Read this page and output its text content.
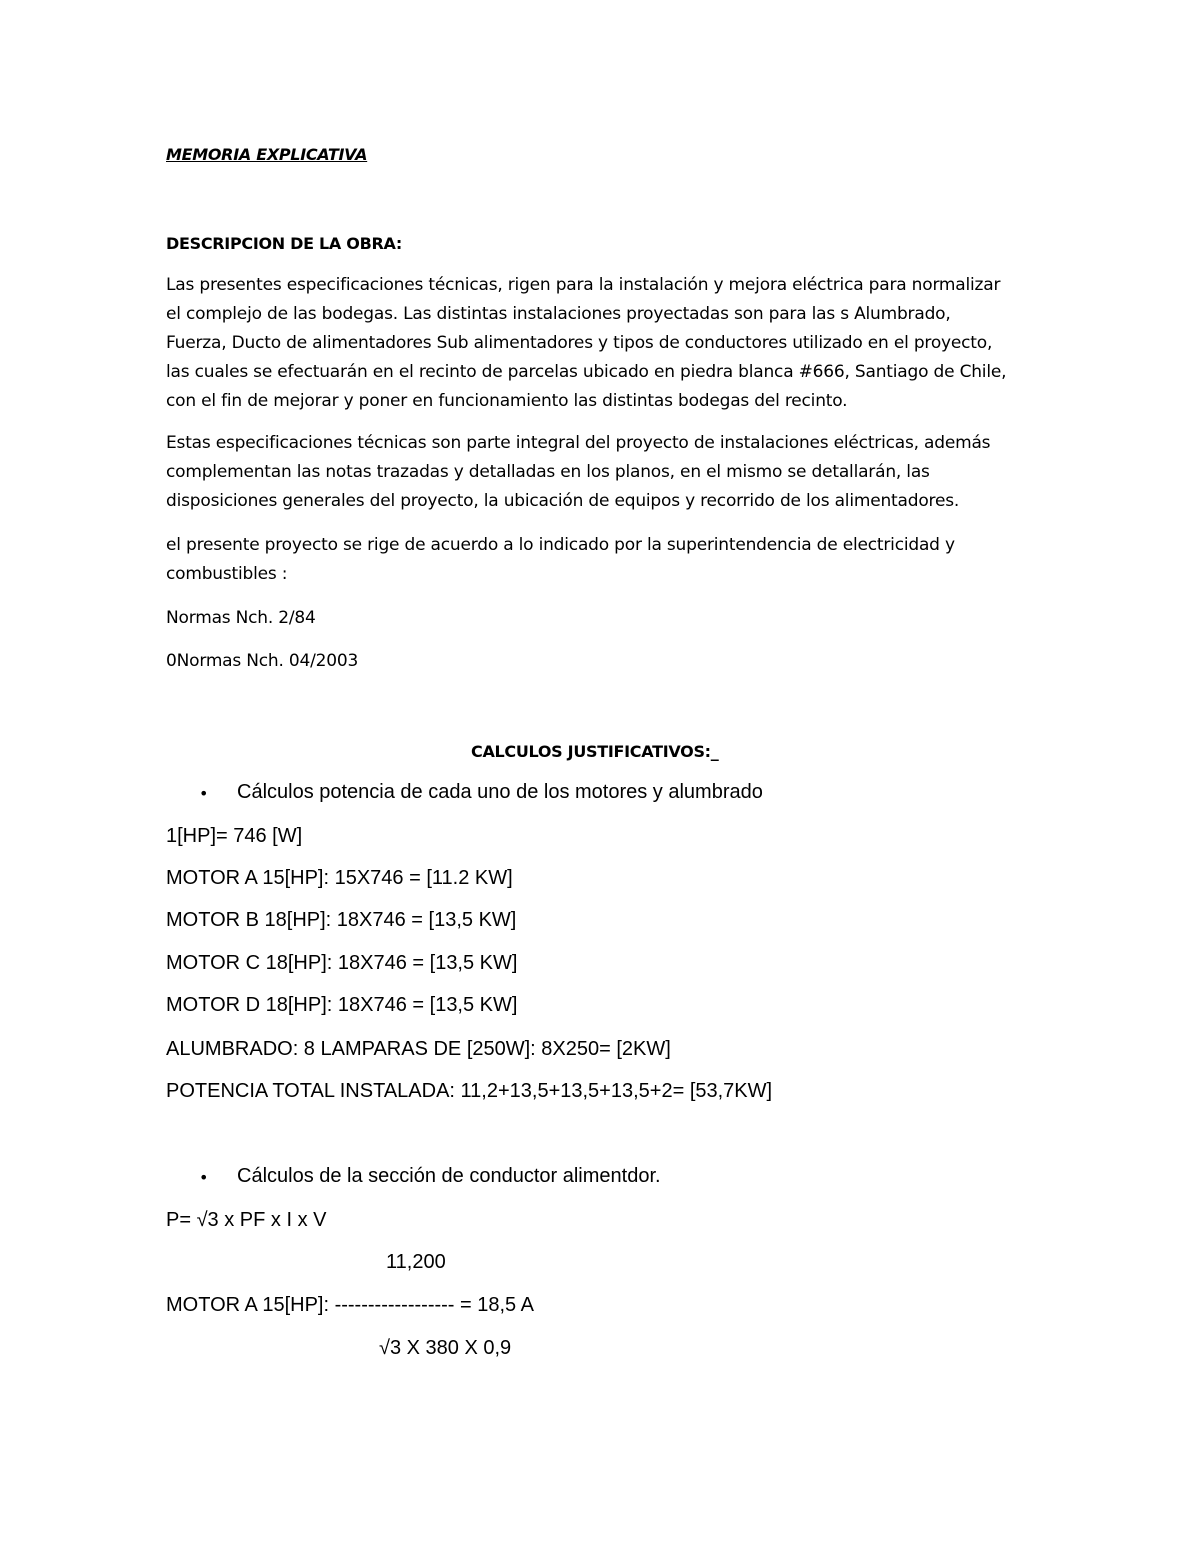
MEMORIA EXPLICATIVA

DESCRIPCION DE LA OBRA:

Las presentes especificaciones técnicas, rigen para la instalación y mejora eléctrica para normalizar

el complejo de las bodegas. Las distintas instalaciones proyectadas son para las s Alumbrado,

Fuerza, Ducto de alimentadores Sub alimentadores y tipos de conductores utilizado en el proyecto,

las cuales se efectuarán en el recinto de parcelas ubicado en piedra blanca #666, Santiago de Chile,

con el fin de mejorar y poner en funcionamiento las distintas bodegas del recinto.

Estas especificaciones técnicas son parte integral del proyecto de instalaciones eléctricas, además

complementan las notas trazadas y detalladas en los planos, en el mismo se detallarán, las

disposiciones generales del proyecto, la ubicación de equipos y recorrido de los alimentadores.

el presente proyecto se rige de acuerdo a lo indicado por la superintendencia de electricidad y

combustibles :

Normas Nch. 2/84

0Normas Nch. 04/2003

CALCULOS JUSTIFICATIVOS:_

• Cálculos potencia de cada uno de los motores y alumbrado

1[HP]= 746 [W]

MOTOR A 15[HP]: 15X746 = [11.2 KW]

MOTOR B 18[HP]: 18X746 = [13,5 KW]

MOTOR C 18[HP]: 18X746 = [13,5 KW]

MOTOR D 18[HP]: 18X746 = [13,5 KW]

ALUMBRADO: 8 LAMPARAS DE [250W]: 8X250= [2KW]

POTENCIA TOTAL INSTALADA: 11,2+13,5+13,5+13,5+2= [53,7KW]

• Cálculos de la sección de conductor alimentdor.

P= √3 x PF x I x V

11,200

MOTOR A 15[HP]: ------------------ = 18,5 A

√3 X 380 X 0,9
